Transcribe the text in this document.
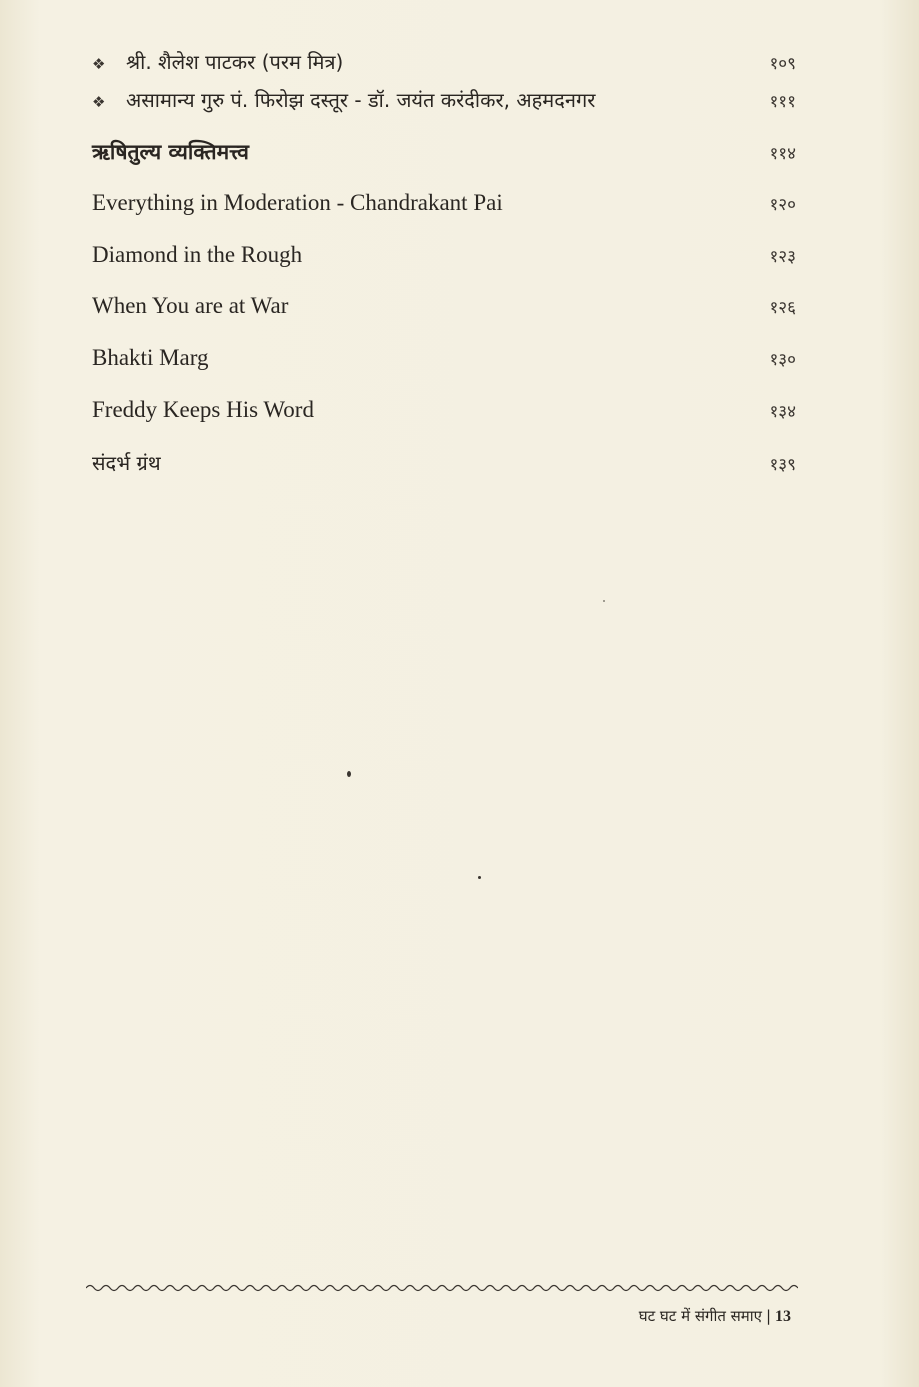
❖	श्री. शैलेश पाटकर (परम मित्र)	१०९
❖	असामान्य गुरु पं. फिरोझ दस्तूर - डॉ. जयंत करंदीकर, अहमदनगर	१११
ऋषितुल्य व्यक्तिमत्त्व	११४
Everything in Moderation - Chandrakant Pai	१२०
Diamond in the Rough	१२३
When You are at War	१२६
Bhakti Marg	१३०
Freddy Keeps His Word	१३४
संदर्भ ग्रंथ	१३९
घट घट में संगीत समाए | 13
